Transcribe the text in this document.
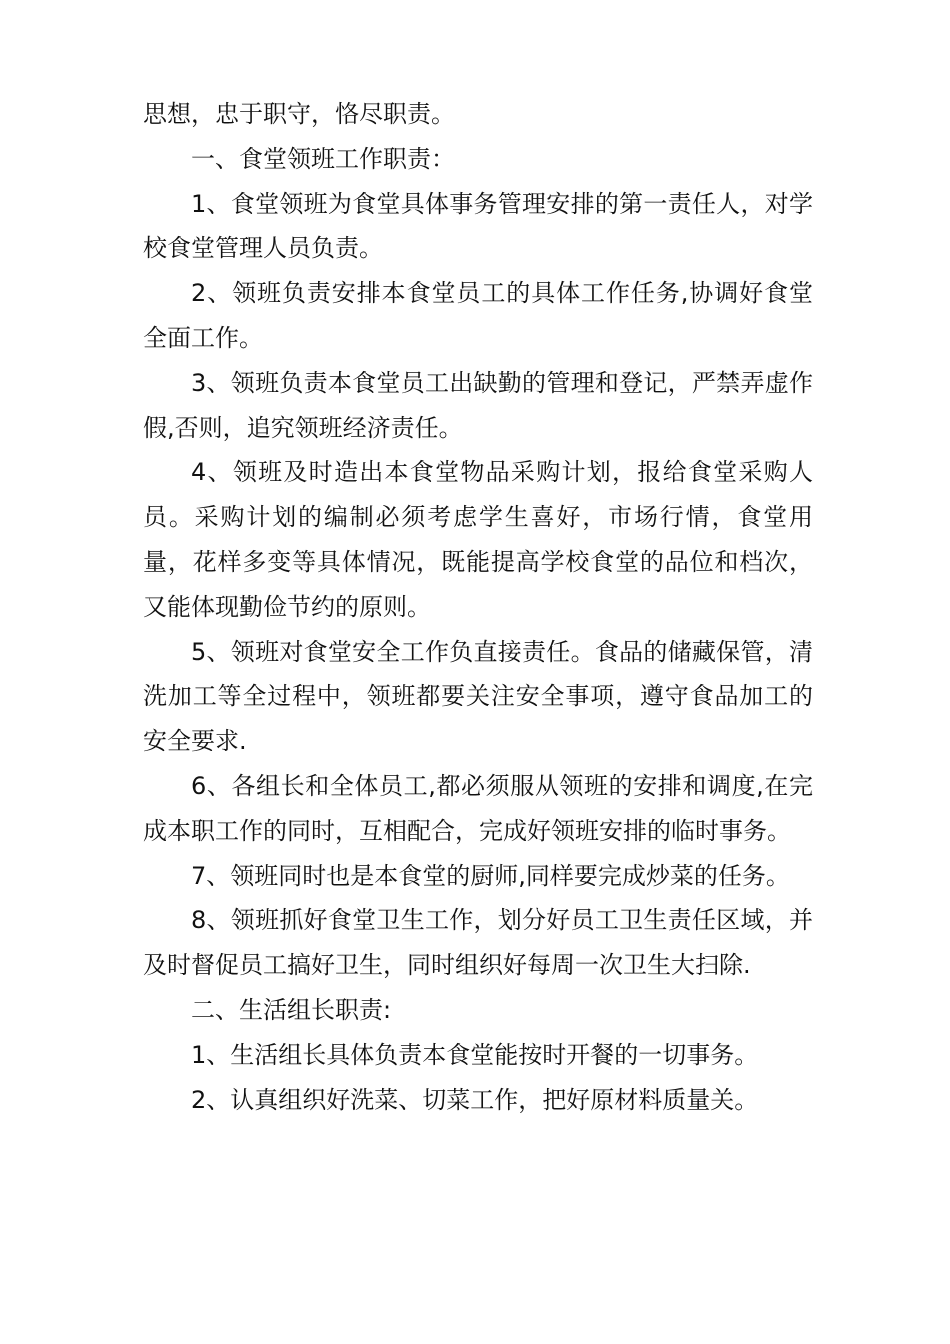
思想，忠于职守，恪尽职责。

一、食堂领班工作职责：

1、食堂领班为食堂具体事务管理安排的第一责任人，对学校食堂管理人员负责。

2、领班负责安排本食堂员工的具体工作任务,协调好食堂全面工作。

3、领班负责本食堂员工出缺勤的管理和登记，严禁弄虚作假,否则，追究领班经济责任。

4、领班及时造出本食堂物品采购计划，报给食堂采购人员。采购计划的编制必须考虑学生喜好，市场行情，食堂用量，花样多变等具体情况，既能提高学校食堂的品位和档次，又能体现勤俭节约的原则。

5、领班对食堂安全工作负直接责任。食品的储藏保管，清洗加工等全过程中，领班都要关注安全事项，遵守食品加工的安全要求.

6、各组长和全体员工,都必须服从领班的安排和调度,在完成本职工作的同时，互相配合，完成好领班安排的临时事务。

7、领班同时也是本食堂的厨师,同样要完成炒菜的任务。

8、领班抓好食堂卫生工作，划分好员工卫生责任区域，并及时督促员工搞好卫生，同时组织好每周一次卫生大扫除.

二、生活组长职责:

1、生活组长具体负责本食堂能按时开餐的一切事务。

2、认真组织好洗菜、切菜工作，把好原材料质量关。
